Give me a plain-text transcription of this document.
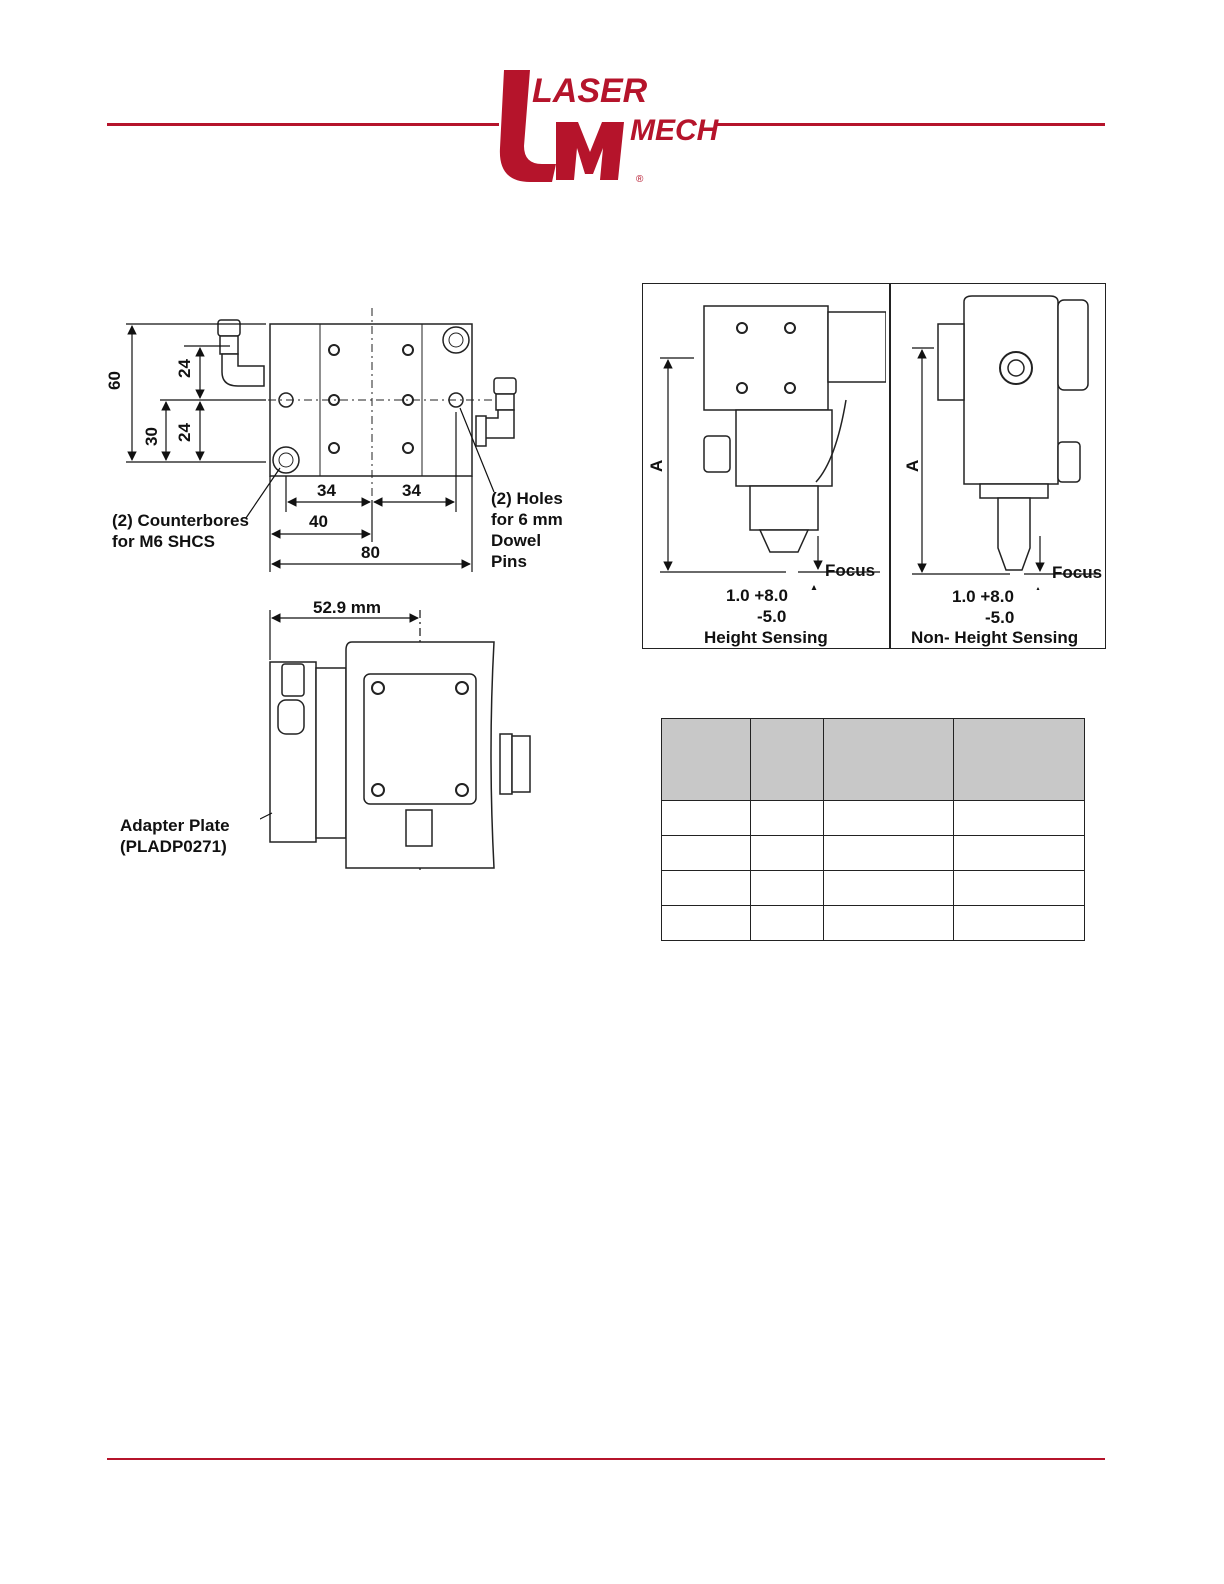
LASER
MECH
®
60
30
24
24
34	34
40
80
(2) Counterbores
for M6 SHCS
(2) Holes
for 6 mm
Dowel
Pins
52.9 mm
Adapter Plate
(PLADP0271)
A
Focus
1.0 +8.0
-5.0
Height Sensing
A
Focus
1.0 +8.0
-5.0
Non- Height Sensing
